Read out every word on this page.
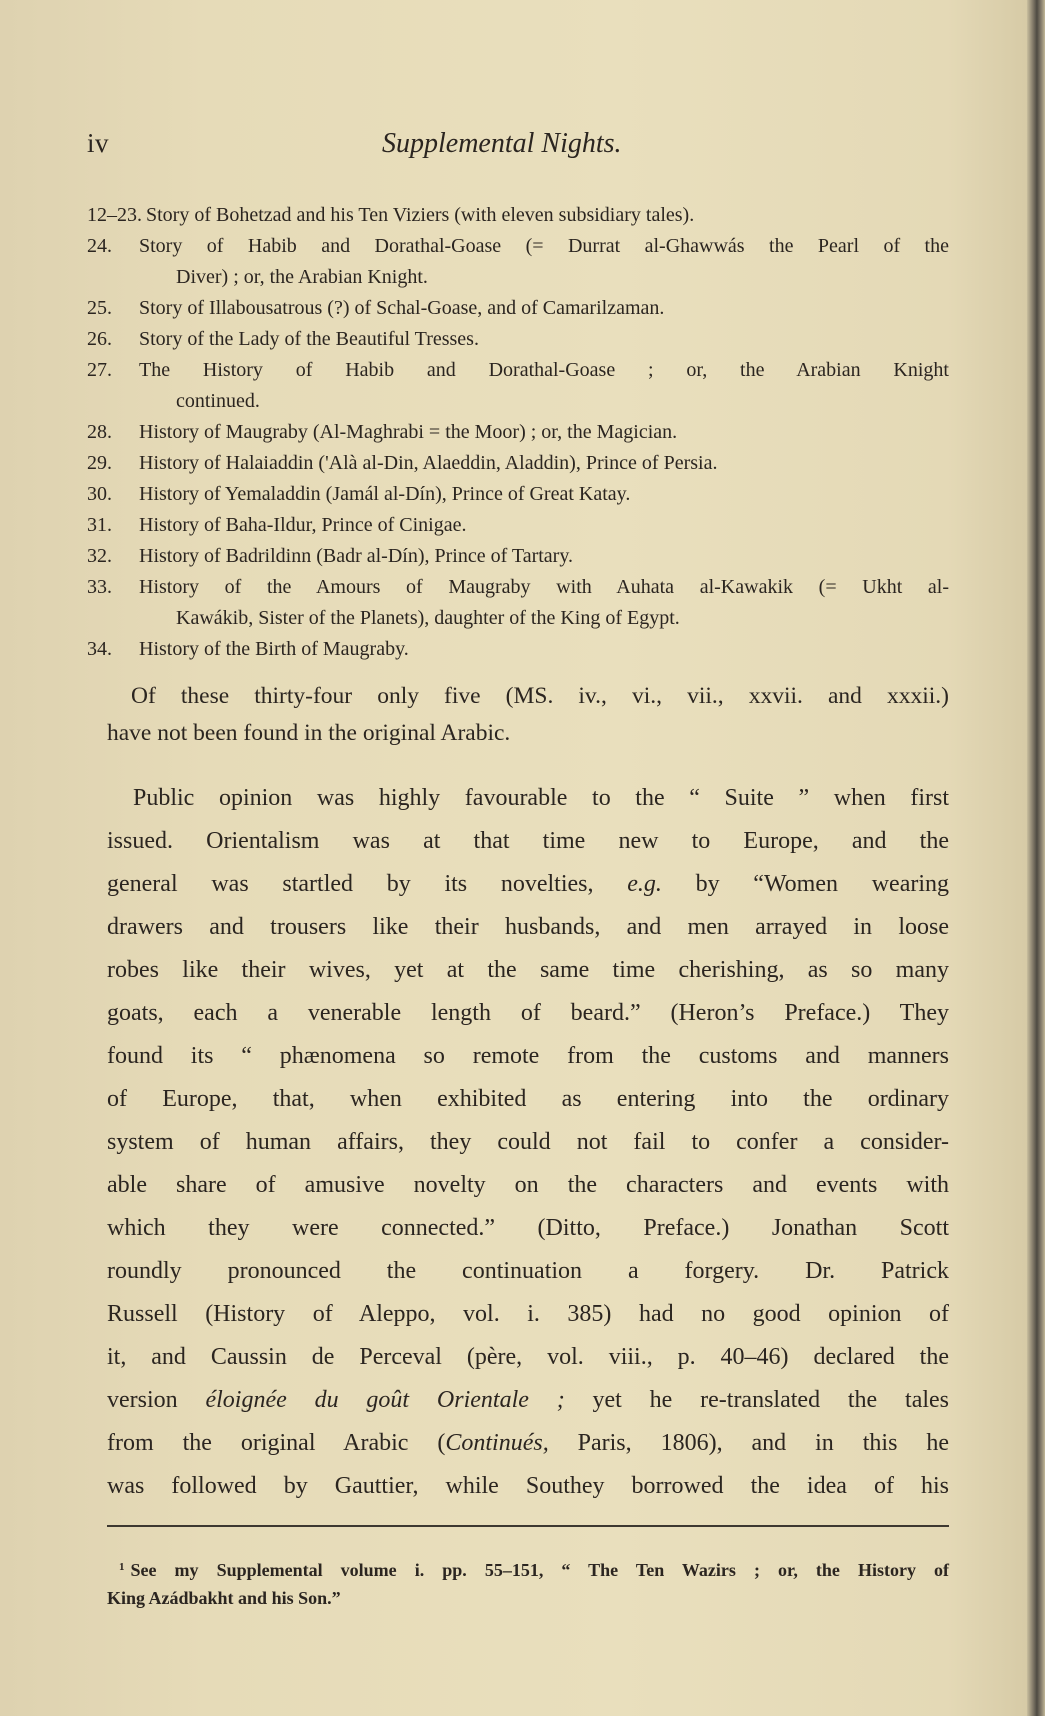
iv	Supplemental Nights.
12–23. Story of Bohetzad and his Ten Viziers (with eleven subsidiary tales).
24. Story of Habib and Dorathal-Goase (= Durrat al-Ghawwás the Pearl of the
Diver) ; or, the Arabian Knight.
25. Story of Illabousatrous (?) of Schal-Goase, and of Camarilzaman.
26. Story of the Lady of the Beautiful Tresses.
27. The History of Habib and Dorathal-Goase ; or, the Arabian Knight
continued.
28. History of Maugraby (Al-Maghrabi = the Moor) ; or, the Magician.
29. History of Halaiaddin ('Alà al-Din, Alaeddin, Aladdin), Prince of Persia.
30. History of Yemaladdin (Jamál al-Dín), Prince of Great Katay.
31. History of Baha-Ildur, Prince of Cinigae.
32. History of Badrildinn (Badr al-Dín), Prince of Tartary.
33. History of the Amours of Maugraby with Auhata al-Kawakik (= Ukht al-
Kawákib, Sister of the Planets), daughter of the King of Egypt.
34. History of the Birth of Maugraby.
Of these thirty-four only five (MS. iv., vi., vii., xxvii. and xxxii.)
have not been found in the original Arabic.
Public opinion was highly favourable to the “ Suite ” when first
issued. Orientalism was at that time new to Europe, and the
general was startled by its novelties, e.g. by “Women wearing
drawers and trousers like their husbands, and men arrayed in loose
robes like their wives, yet at the same time cherishing, as so many
goats, each a venerable length of beard.” (Heron’s Preface.) They
found its “ phænomena so remote from the customs and manners
of Europe, that, when exhibited as entering into the ordinary
system of human affairs, they could not fail to confer a consider-
able share of amusive novelty on the characters and events with
which they were connected.” (Ditto, Preface.) Jonathan Scott
roundly pronounced the continuation a forgery. Dr. Patrick
Russell (History of Aleppo, vol. i. 385) had no good opinion of
it, and Caussin de Perceval (père, vol. viii., p. 40–46) declared the
version éloignée du goût Orientale ; yet he re-translated the tales
from the original Arabic (Continués, Paris, 1806), and in this he
was followed by Gauttier, while Southey borrowed the idea of his
$^1$ See my Supplemental volume i. pp. 55–151, “ The Ten Wazirs ; or, the History of
King Azádbakht and his Son.”
